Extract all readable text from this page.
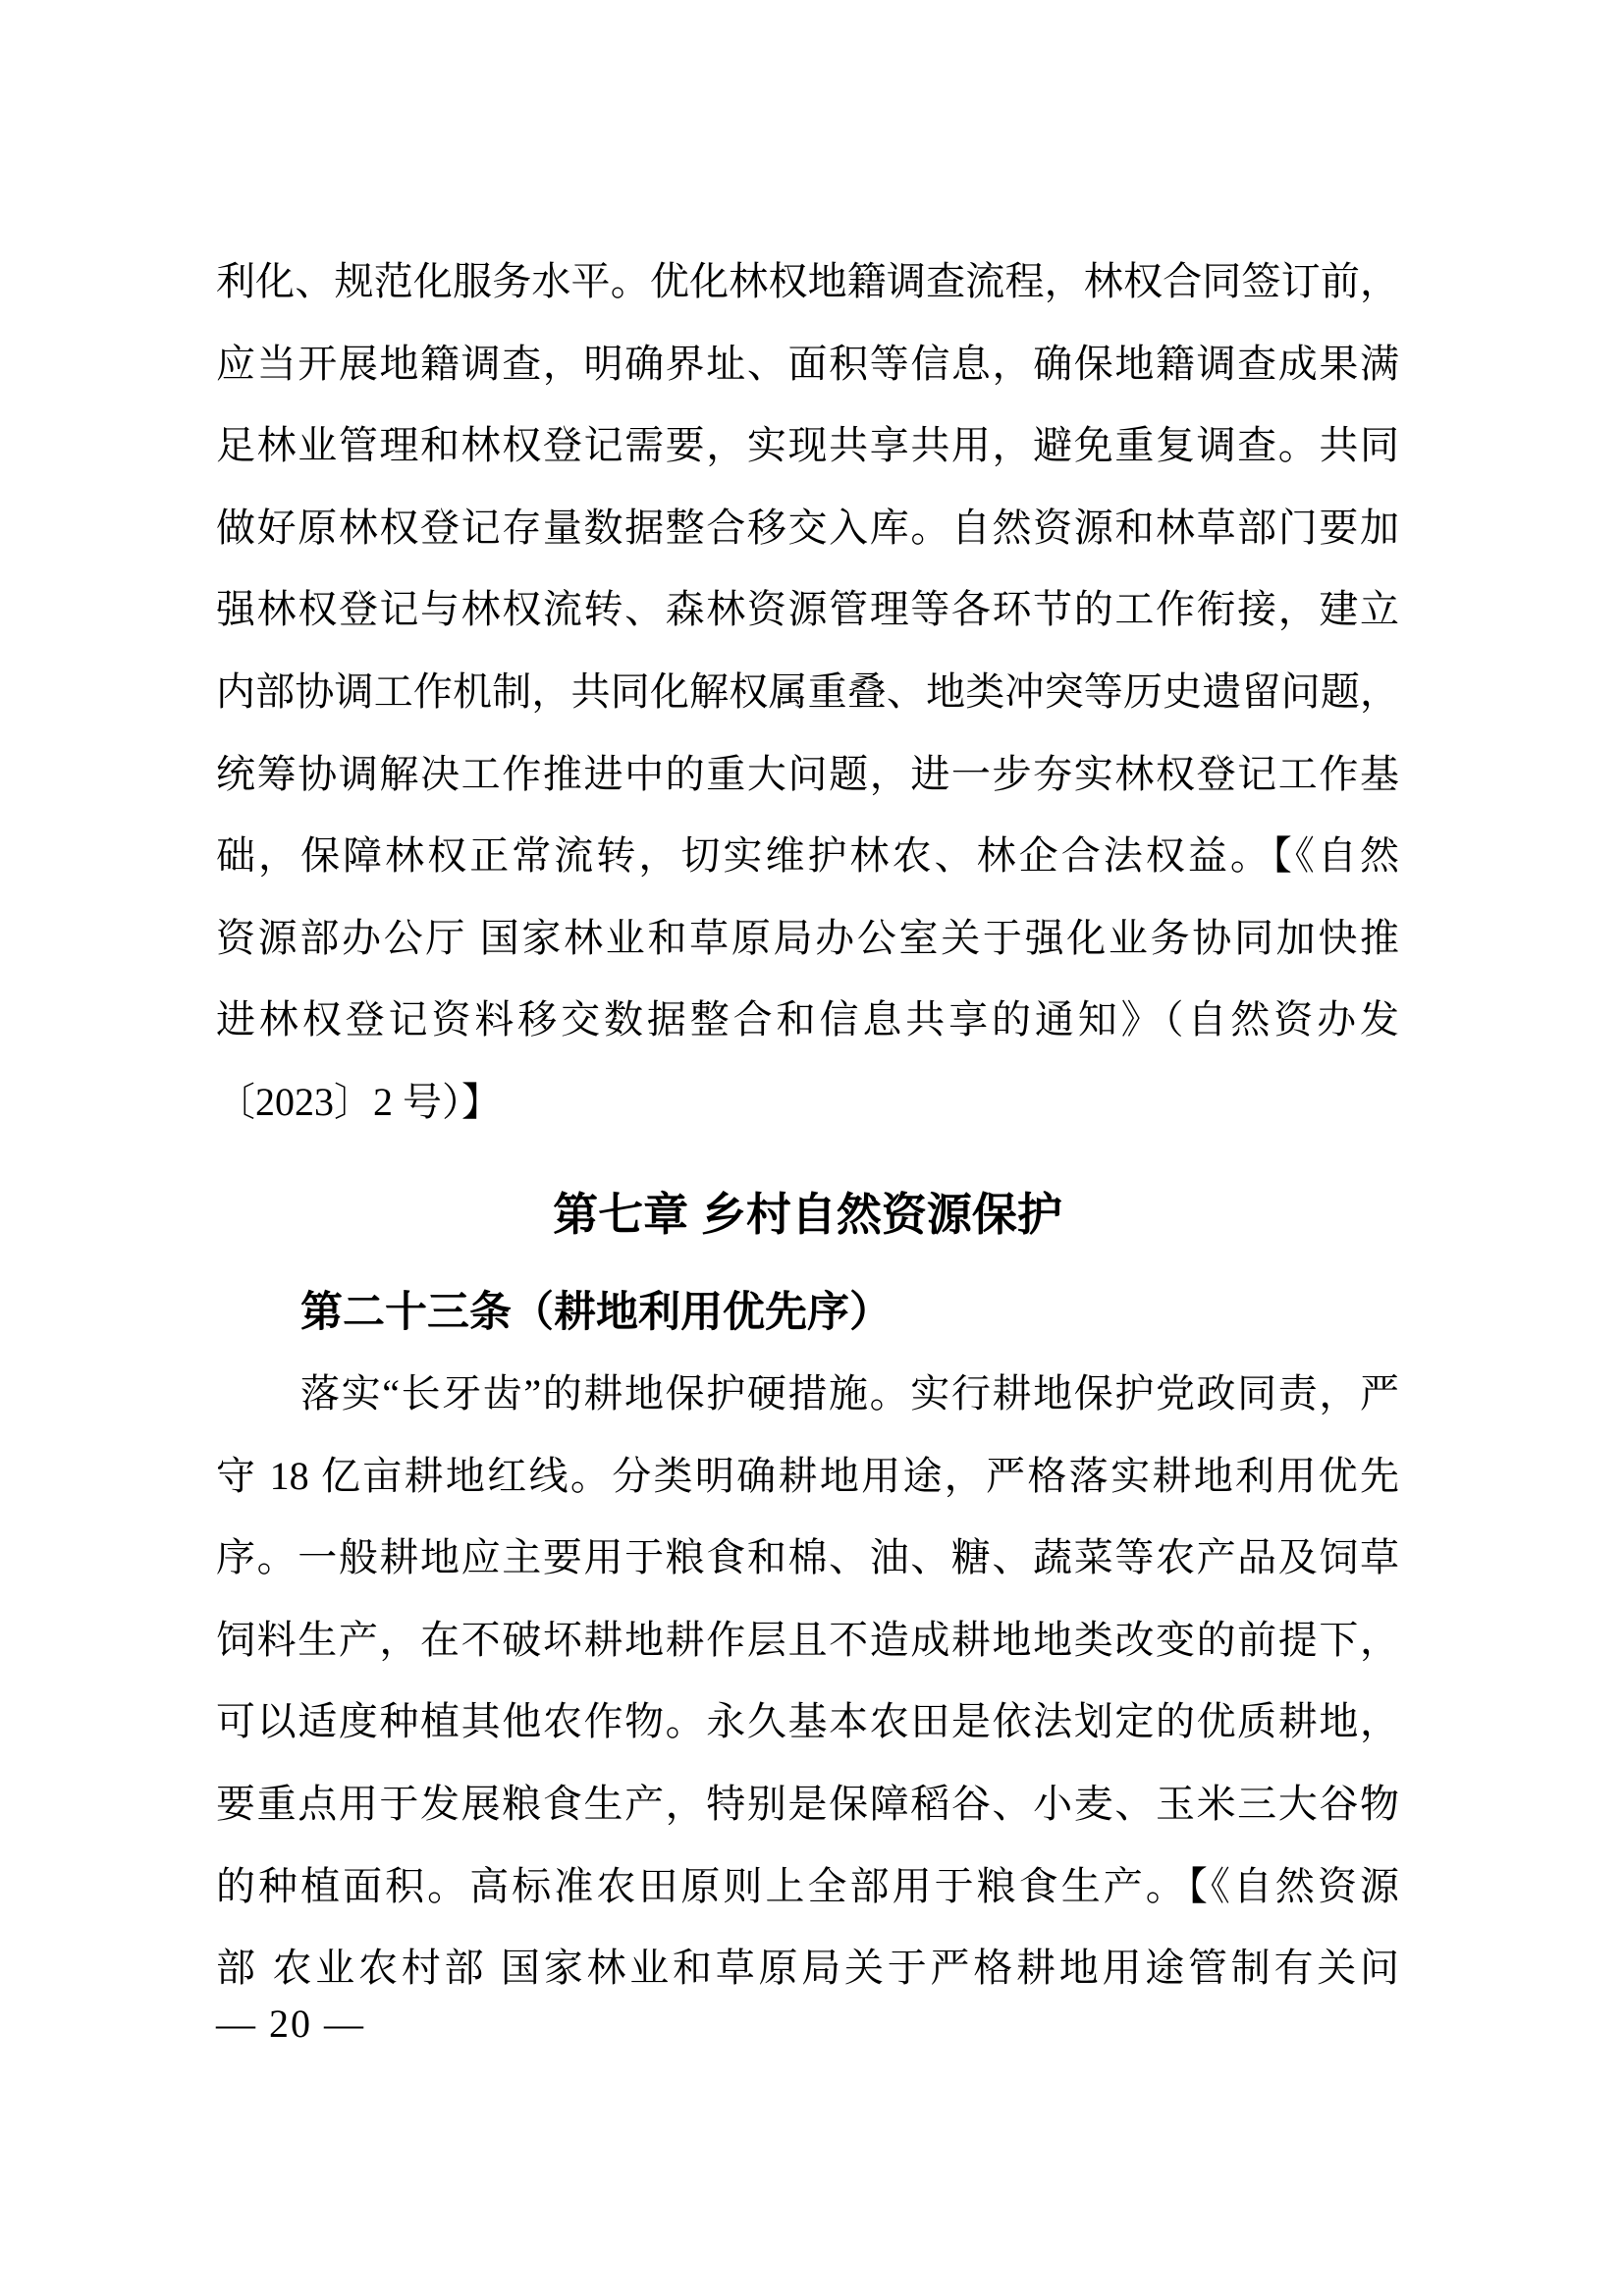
利化、规范化服务水平。优化林权地籍调查流程，林权合同签订前，
应当开展地籍调查，明确界址、面积等信息，确保地籍调查成果满
足林业管理和林权登记需要，实现共享共用，避免重复调查。共同
做好原林权登记存量数据整合移交入库。自然资源和林草部门要加
强林权登记与林权流转、森林资源管理等各环节的工作衔接，建立
内部协调工作机制，共同化解权属重叠、地类冲突等历史遗留问题，
统筹协调解决工作推进中的重大问题，进一步夯实林权登记工作基
础，保障林权正常流转，切实维护林农、林企合法权益。【《自然
资源部办公厅 国家林业和草原局办公室关于强化业务协同加快推
进林权登记资料移交数据整合和信息共享的通知》（自然资办发
〔2023〕2 号）】
第七章 乡村自然资源保护
第二十三条（耕地利用优先序）
落实“长牙齿”的耕地保护硬措施。实行耕地保护党政同责，严
守 18 亿亩耕地红线。分类明确耕地用途，严格落实耕地利用优先
序。一般耕地应主要用于粮食和棉、油、糖、蔬菜等农产品及饲草
饲料生产，在不破坏耕地耕作层且不造成耕地地类改变的前提下，
可以适度种植其他农作物。永久基本农田是依法划定的优质耕地，
要重点用于发展粮食生产，特别是保障稻谷、小麦、玉米三大谷物
的种植面积。高标准农田原则上全部用于粮食生产。【《自然资源
部 农业农村部 国家林业和草原局关于严格耕地用途管制有关问
— 20 —
